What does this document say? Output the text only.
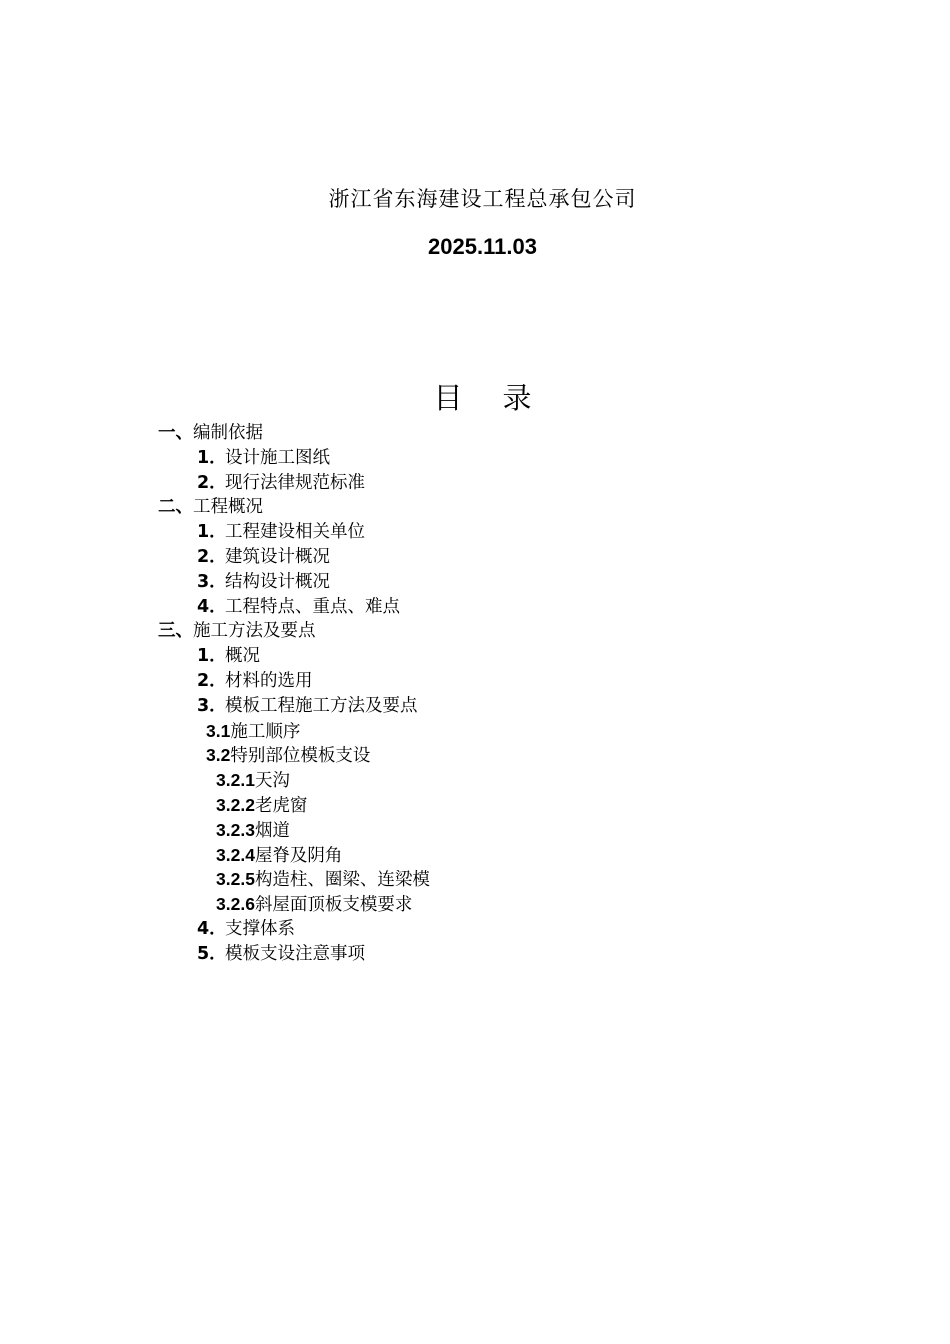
浙江省东海建设工程总承包公司
2025.11.03
目录
一、编制依据
1．设计施工图纸
2．现行法律规范标准
二、工程概况
1．工程建设相关单位
2．建筑设计概况
3．结构设计概况
4．工程特点、重点、难点
三、施工方法及要点
1．概况
2．材料的选用
3．模板工程施工方法及要点
3.1施工顺序
3.2特别部位模板支设
3.2.1天沟
3.2.2老虎窗
3.2.3烟道
3.2.4屋脊及阴角
3.2.5构造柱、圈梁、连梁模
3.2.6斜屋面顶板支模要求
4．支撑体系
5．模板支设注意事项
